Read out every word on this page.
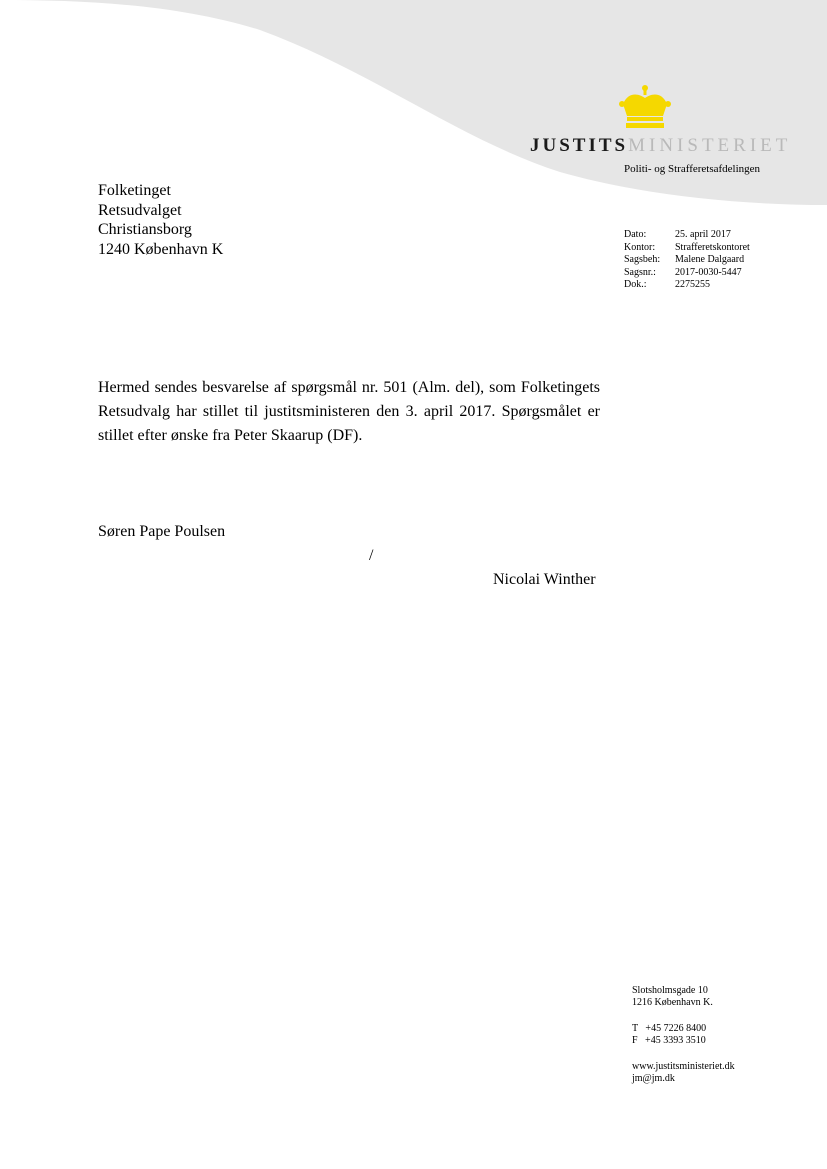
JUSTITSMINISTERIET
Politi- og Strafferetsafdelingen
Folketinget
Retsudvalget
Christiansborg
1240 København K
Dato:	25. april 2017
Kontor:	Strafferetskontoret
Sagsbeh:	Malene Dalgaard
Sagsnr.:	2017-0030-5447
Dok.:	2275255
Hermed sendes besvarelse af spørgsmål nr. 501 (Alm. del), som Folketingets Retsudvalg har stillet til justitsministeren den 3. april 2017. Spørgsmålet er stillet efter ønske fra Peter Skaarup (DF).
Søren Pape Poulsen
/
Nicolai Winther
Slotsholmsgade 10
1216 København K.
T   +45 7226 8400
F   +45 3393 3510
www.justitsministeriet.dk
jm@jm.dk
